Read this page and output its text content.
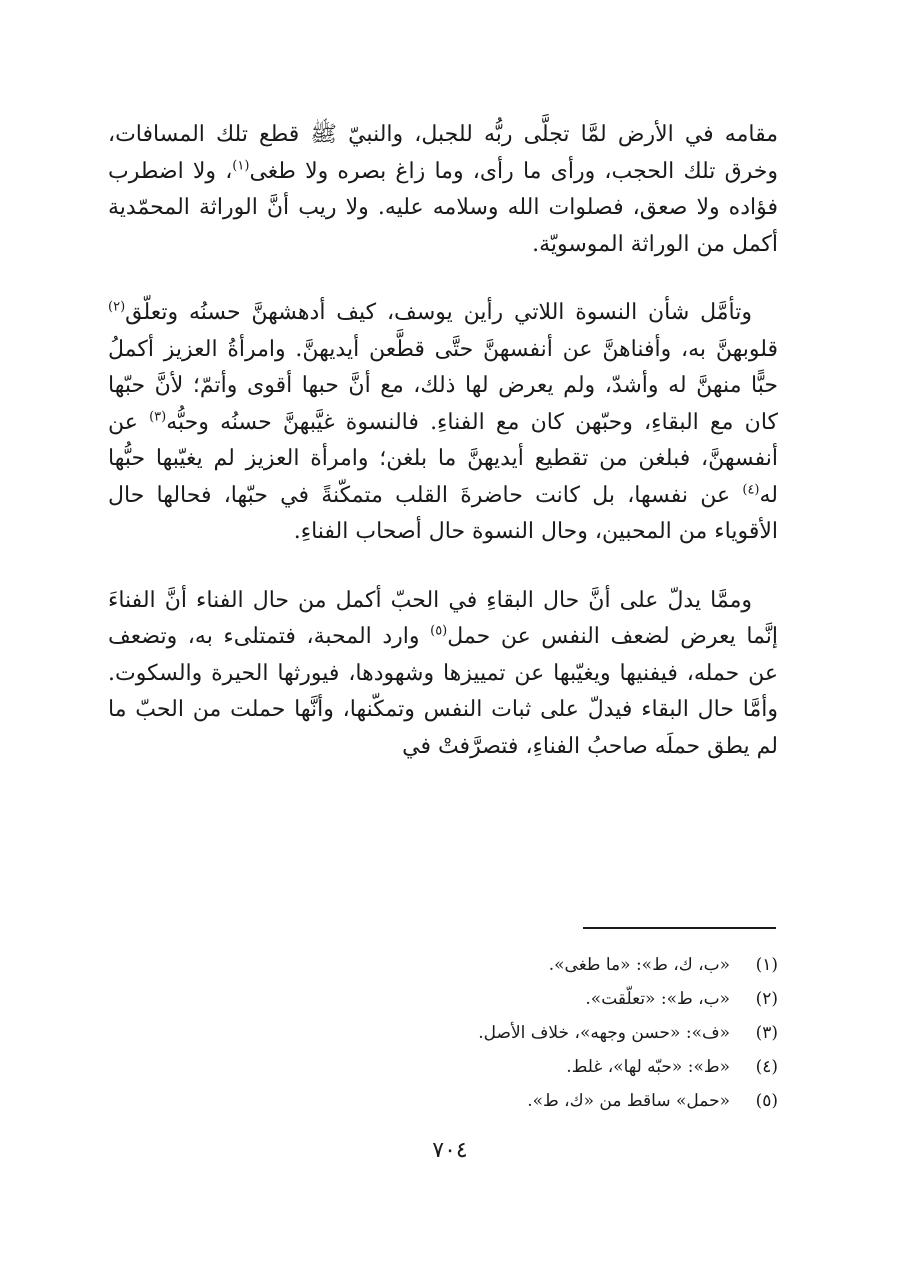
مقامه في الأرض لمَّا تجلَّى ربُّه للجبل، والنبيّ ﷺ قطع تلك المسافات، وخرق تلك الحجب، ورأى ما رأى، وما زاغ بصره ولا طغى$^{(١)}$، ولا اضطرب فؤاده ولا صعق، فصلوات الله وسلامه عليه. ولا ريب أنَّ الوراثة المحمّدية أكمل من الوراثة الموسويّة.

وتأمَّل شأن النسوة اللاتي رأين يوسف، كيف أدهشهنَّ حسنُه وتعلّق$^{(٢)}$ قلوبهنَّ به، وأفناهنَّ عن أنفسهنَّ حتَّى قطَّعن أيديهنَّ. وامرأةُ العزيز أكملُ حبًّا منهنَّ له وأشدّ، ولم يعرض لها ذلك، مع أنَّ حبها أقوى وأتمّ؛ لأنَّ حبّها كان مع البقاءِ، وحبّهن كان مع الفناءِ. فالنسوة غيَّبهنَّ حسنُه وحبُّه$^{(٣)}$ عن أنفسهنَّ، فبلغن من تقطيع أيديهنَّ ما بلغن؛ وامرأة العزيز لم يغيّبها حبُّها له$^{(٤)}$ عن نفسها، بل كانت حاضرةَ القلب متمكّنةً في حبّها، فحالها حال الأقوياء من المحبين، وحال النسوة حال أصحاب الفناءِ.

وممَّا يدلّ على أنَّ حال البقاءِ في الحبّ أكمل من حال الفناء أنَّ الفناءَ إنَّما يعرض لضعف النفس عن حمل$^{(٥)}$ وارد المحبة، فتمتلىء به، وتضعف عن حمله، فيفنيها ويغيّبها عن تمييزها وشهودها، فيورثها الحيرة والسكوت. وأمَّا حال البقاء فيدلّ على ثبات النفس وتمكّنها، وأنَّها حملت من الحبّ ما لم يطق حملَه صاحبُ الفناءِ، فتصرَّفتْ في

(١)«ب، ك، ط»: «ما طغى».

(٢)«ب، ط»: «تعلّقت».

(٣)«ف»: «حسن وجهه»، خلاف الأصل.

(٤)«ط»: «حبّه لها»، غلط.

(٥)«حمل» ساقط من «ك، ط».

٧٠٤
